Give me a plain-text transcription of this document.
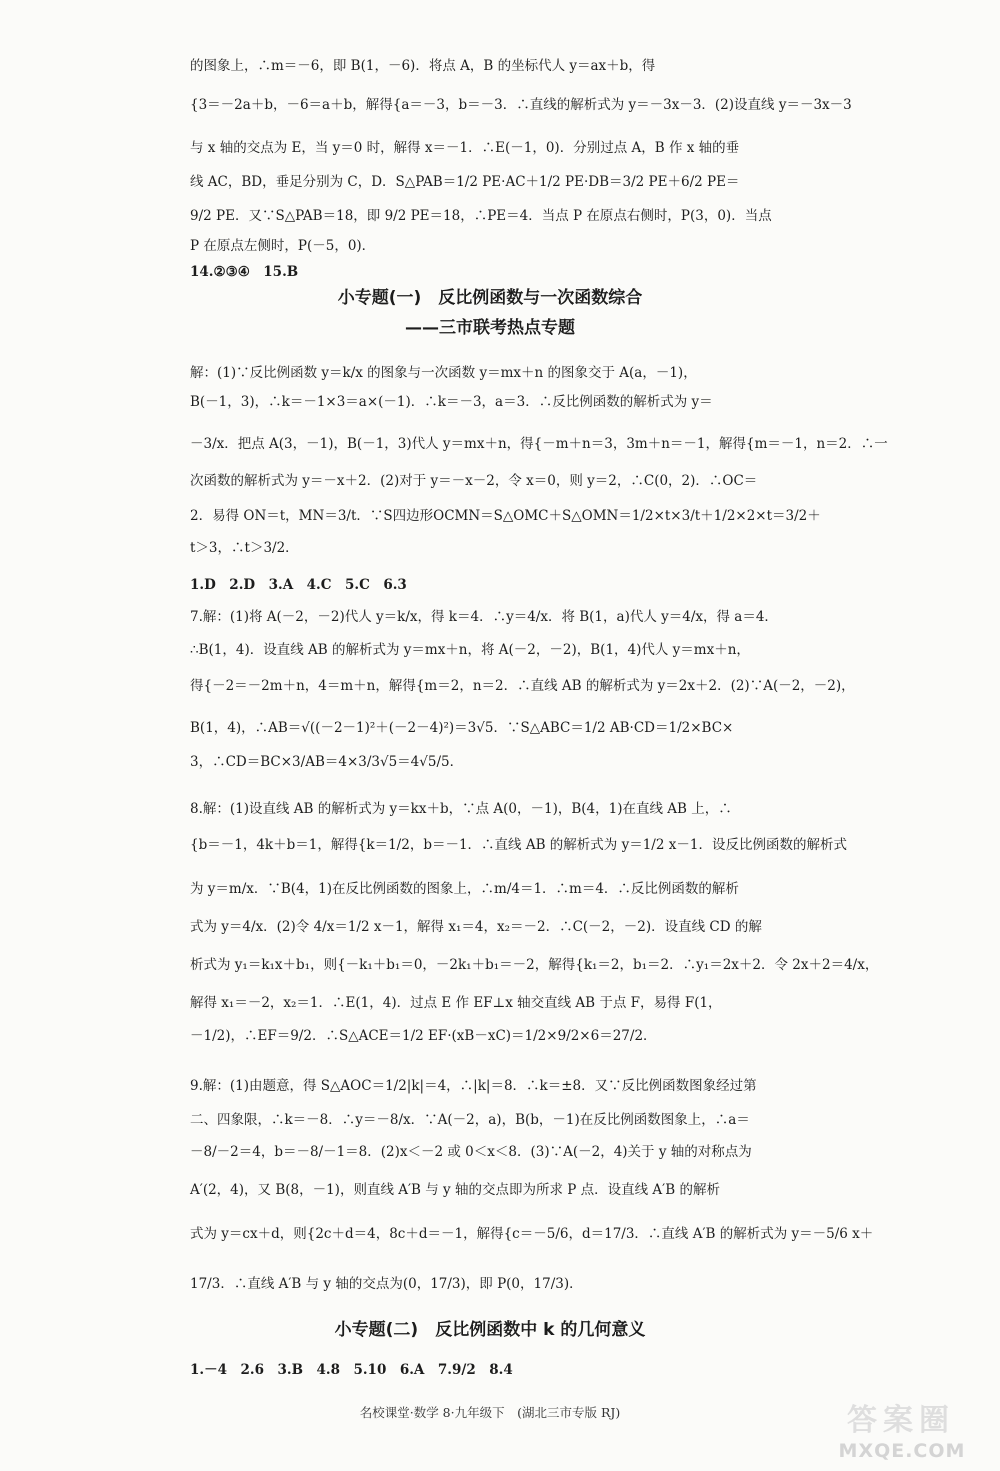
的图象上，∴m＝－6，即 B(1，－6)．将点 A，B 的坐标代人 y＝ax＋b，得
{3＝－2a＋b，－6＝a＋b，解得{a＝－3，b＝－3．∴直线的解析式为 y＝－3x－3．(2)设直线 y＝－3x－3
与 x 轴的交点为 E，当 y＝0 时，解得 x＝－1．∴E(－1，0)．分别过点 A，B 作 x 轴的垂
线 AC，BD，垂足分别为 C，D．S△PAB＝1/2 PE·AC＋1/2 PE·DB＝3/2 PE＋6/2 PE＝
9/2 PE．又∵S△PAB＝18，即 9/2 PE＝18，∴PE＝4．当点 P 在原点右侧时，P(3，0)．当点
P 在原点左侧时，P(－5，0)．
14.②③④　15.B
小专题(一)　反比例函数与一次函数综合
——三市联考热点专题
解：(1)∵反比例函数 y＝k/x 的图象与一次函数 y＝mx＋n 的图象交于 A(a，－1)，
B(－1，3)，∴k＝－1×3＝a×(－1)．∴k＝－3，a＝3．∴反比例函数的解析式为 y＝
－3/x．把点 A(3，－1)，B(－1，3)代人 y＝mx＋n，得{－m＋n＝3，3m＋n＝－1，解得{m＝－1，n＝2．∴一
次函数的解析式为 y＝－x＋2．(2)对于 y＝－x－2，令 x＝0，则 y＝2，∴C(0，2)．∴OC＝
2．易得 ON＝t，MN＝3/t．∵S四边形OCMN＝S△OMC＋S△OMN＝1/2×t×3/t＋1/2×2×t＝3/2＋
t＞3，∴t＞3/2．
1.D　2.D　3.A　4.C　5.C　6.3
7.解：(1)将 A(－2，－2)代人 y＝k/x，得 k＝4．∴y＝4/x．将 B(1，a)代人 y＝4/x，得 a＝4．
∴B(1，4)．设直线 AB 的解析式为 y＝mx＋n，将 A(－2，－2)，B(1，4)代人 y＝mx＋n，
得{－2＝－2m＋n，4＝m＋n，解得{m＝2，n＝2．∴直线 AB 的解析式为 y＝2x＋2．(2)∵A(－2，－2)，
B(1，4)，∴AB＝√((－2－1)²＋(－2－4)²)＝3√5．∵S△ABC＝1/2 AB·CD＝1/2×BC×
3，∴CD＝BC×3/AB＝4×3/3√5＝4√5/5．
8.解：(1)设直线 AB 的解析式为 y＝kx＋b，∵点 A(0，－1)，B(4，1)在直线 AB 上，∴
{b＝－1，4k＋b＝1，解得{k＝1/2，b＝－1．∴直线 AB 的解析式为 y＝1/2 x－1．设反比例函数的解析式
为 y＝m/x．∵B(4，1)在反比例函数的图象上，∴m/4＝1．∴m＝4．∴反比例函数的解析
式为 y＝4/x．(2)令 4/x＝1/2 x－1，解得 x₁＝4，x₂＝－2．∴C(－2，－2)．设直线 CD 的解
析式为 y₁＝k₁x＋b₁，则{－k₁＋b₁＝0，－2k₁＋b₁＝－2，解得{k₁＝2，b₁＝2．∴y₁＝2x＋2．令 2x＋2＝4/x，
解得 x₁＝－2，x₂＝1．∴E(1，4)．过点 E 作 EF⊥x 轴交直线 AB 于点 F，易得 F(1，
－1/2)，∴EF＝9/2．∴S△ACE＝1/2 EF·(xB－xC)＝1/2×9/2×6＝27/2．
9.解：(1)由题意，得 S△AOC＝1/2|k|＝4，∴|k|＝8．∴k＝±8．又∵反比例函数图象经过第
二、四象限，∴k＝－8．∴y＝－8/x．∵A(－2，a)，B(b，－1)在反比例函数图象上，∴a＝
－8/－2＝4，b＝－8/－1＝8．(2)x＜－2 或 0＜x＜8．(3)∵A(－2，4)关于 y 轴的对称点为
A′(2，4)，又 B(8，－1)，则直线 A′B 与 y 轴的交点即为所求 P 点．设直线 A′B 的解析
式为 y＝cx＋d，则{2c＋d＝4，8c＋d＝－1，解得{c＝－5/6，d＝17/3．∴直线 A′B 的解析式为 y＝－5/6 x＋
17/3．∴直线 A′B 与 y 轴的交点为(0，17/3)，即 P(0，17/3)．
小专题(二)　反比例函数中 k 的几何意义
1.－4　2.6　3.B　4.8　5.10　6.A　7.9/2　8.4
名校课堂·数学 8·九年级下　(湖北三市专版 RJ)	答案圈
MXQE.COM
